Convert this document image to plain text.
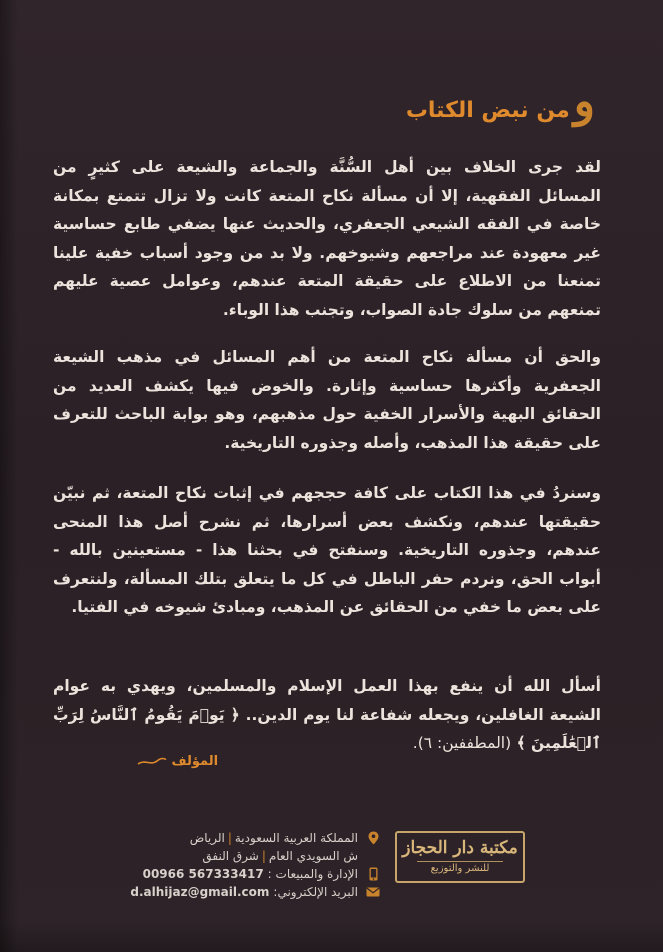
و
من نبض الكتاب

لقد جرى الخلاف بين أهل السُّنَّة والجماعة والشيعة على كثيرٍ من المسائل الفقهية، إلا أن مسألة نكاح المتعة كانت ولا تزال تتمتع بمكانة خاصة في الفقه الشيعي الجعفري، والحديث عنها يضفي طابع حساسية غير معهودة عند مراجعهم وشيوخهم. ولا بد من وجود أسباب خفية علينا تمنعنا من الاطلاع على حقيقة المتعة عندهم، وعوامل عصية عليهم تمنعهم من سلوك جادة الصواب، وتجنب هذا الوباء.

والحق أن مسألة نكاح المتعة من أهم المسائل في مذهب الشيعة الجعفرية وأكثرها حساسية وإثارة. والخوض فيها يكشف العديد من الحقائق البهية والأسرار الخفية حول مذهبهم، وهو بوابة الباحث للتعرف على حقيقة هذا المذهب، وأصله وجذوره التاريخية.

وسنردُ في هذا الكتاب على كافة حججهم في إثبات نكاح المتعة، ثم نبيّن حقيقتها عندهم، ونكشف بعض أسرارها، ثم نشرح أصل هذا المنحى عندهم، وجذوره التاريخية. وسنفتح في بحثنا هذا - مستعينين بالله - أبواب الحق، ونردم حفر الباطل في كل ما يتعلق بتلك المسألة، ولنتعرف على بعض ما خفي من الحقائق عن المذهب، ومبادئ شيوخه في الفتيا.

أسأل الله أن ينفع بهذا العمل الإسلام والمسلمين، ويهدي به عوام الشيعة الغافلين، ويجعله شفاعة لنا يوم الدين.. ﴿ يَوۡمَ يَقُومُ ٱلنَّاسُ لِرَبِّ ٱلۡعَٰلَمِينَ ﴾ (المطففين: ٦).

المؤلف
مكتبة دار الحجاز
للنشر والتوزيع
المملكة العربية السعودية
|
الرياض
ش السويدي العام
|
شرق النفق
الإدارة والمبيعات :
00966 567333417
البريد الإلكتروني:
d.alhijaz@gmail.com
